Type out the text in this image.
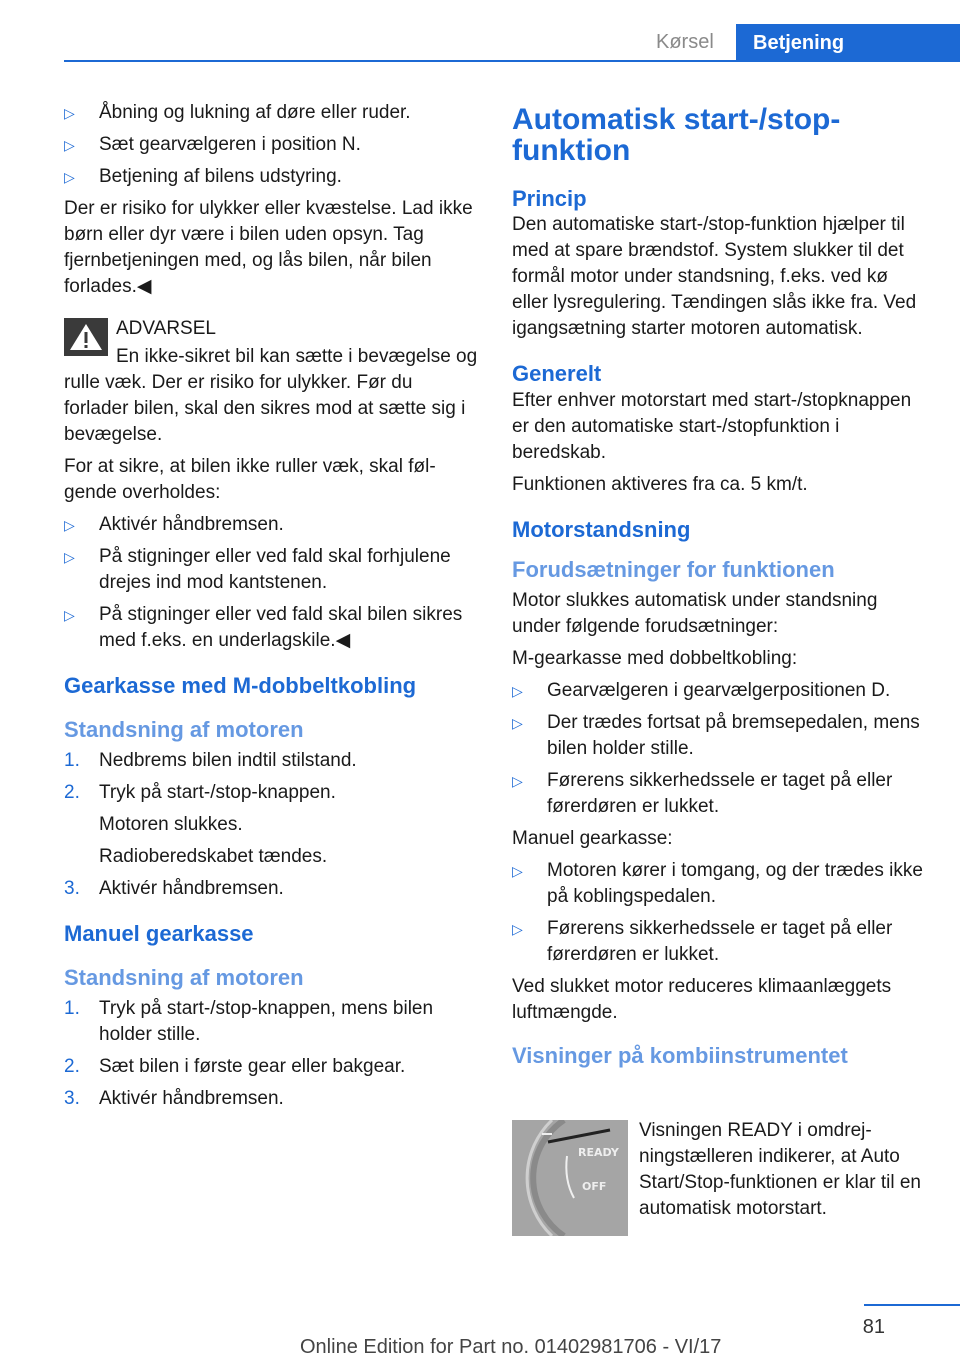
Kørsel	Betjening
▷ Åbning og lukning af døre eller ruder.
▷ Sæt gearvælgeren i position N.
▷ Betjening af bilens udstyring.
Der er risiko for ulykker eller kvæstelse. Lad ikke børn eller dyr være i bilen uden opsyn. Tag fjernbetjeningen med, og lås bilen, når bilen forlades.◀
ADVARSEL
En ikke-sikret bil kan sætte i bevægelse og rulle væk. Der er risiko for ulykker. Før du forlader bilen, skal den sikres mod at sætte sig i bevægelse.
For at sikre, at bilen ikke ruller væk, skal følgende overholdes:
▷ Aktivér håndbremsen.
▷ På stigninger eller ved fald skal forhjulene drejes ind mod kantstenen.
▷ På stigninger eller ved fald skal bilen sikres med f.eks. en underlagskile.◀
Gearkasse med M-dobbeltkobling
Standsning af motoren
1. Nedbrems bilen indtil stilstand.
2. Tryk på start-/stop-knappen.
Motoren slukkes.
Radioberedskabet tændes.
3. Aktivér håndbremsen.
Manuel gearkasse
Standsning af motoren
1. Tryk på start-/stop-knappen, mens bilen holder stille.
2. Sæt bilen i første gear eller bakgear.
3. Aktivér håndbremsen.
Automatisk start-/stop-funktion
Princip
Den automatiske start-/stop-funktion hjælper til med at spare brændstof. System slukker til det formål motor under standsning, f.eks. ved kø eller lysregulering. Tændingen slås ikke fra. Ved igangsætning starter motoren automatisk.
Generelt
Efter enhver motorstart med start-/stopknappen er den automatiske start-/stopfunktion i beredskab.
Funktionen aktiveres fra ca. 5 km/t.
Motorstandsning
Forudsætninger for funktionen
Motor slukkes automatisk under standsning under følgende forudsætninger:
M-gearkasse med dobbeltkobling:
▷ Gearvælgeren i gearvælgerpositionen D.
▷ Der trædes fortsat på bremsepedalen, mens bilen holder stille.
▷ Førerens sikkerhedssele er taget på eller førerdøren er lukket.
Manuel gearkasse:
▷ Motoren kører i tomgang, og der trædes ikke på koblingspedalen.
▷ Førerens sikkerhedssele er taget på eller førerdøren er lukket.
Ved slukket motor reduceres klimaanlæggets luftmængde.
Visninger på kombiinstrumentet
READY
OFF
Visningen READY i omdrejningstælleren indikerer, at Auto Start/Stop-funktionen er klar til en automatisk motorstart.
81
Online Edition for Part no. 01402981706 - VI/17
